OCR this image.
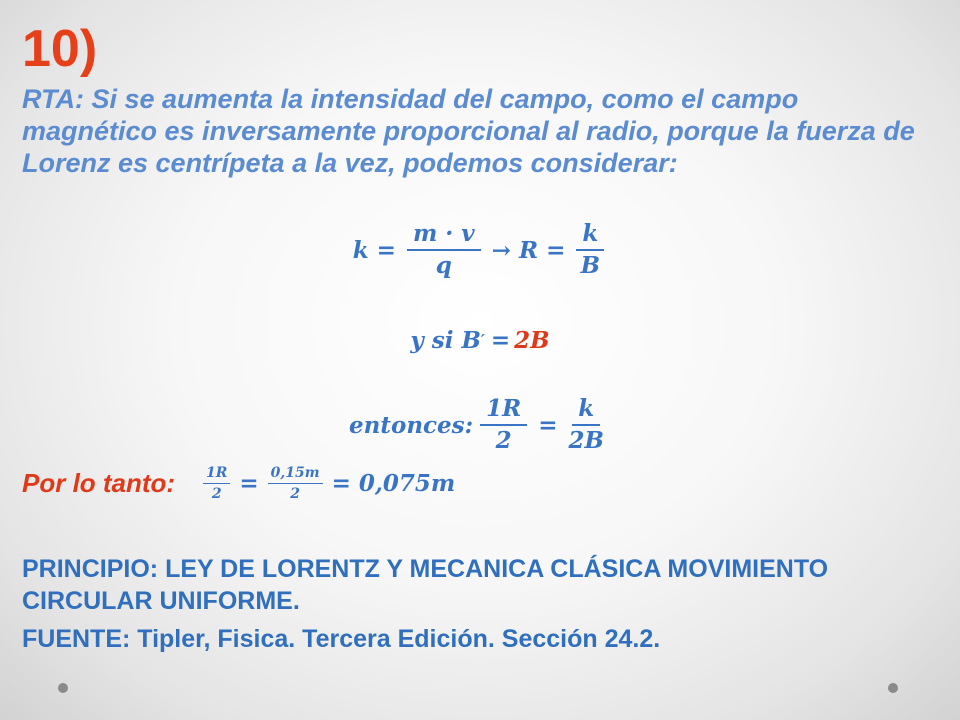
10)
RTA: Si se aumenta la intensidad del campo, como el campo
magnético es inversamente proporcional al radio, porque la fuerza de
Lorenz es centrípeta a la vez, podemos considerar:
$k = \frac{m \cdot v}{q} \to R = \frac{k}{B}$
y si B ′ = 2B
entonces: $\frac{1R}{2} = \frac{k}{2B}$
Por lo tanto: $\frac{1R}{2} = \frac{0,15m}{2} = 0,075m$
PRINCIPIO: LEY DE LORENTZ Y MECANICA CLÁSICA MOVIMIENTO
CIRCULAR UNIFORME.
FUENTE: Tipler, Fisica. Tercera Edición. Sección 24.2.
